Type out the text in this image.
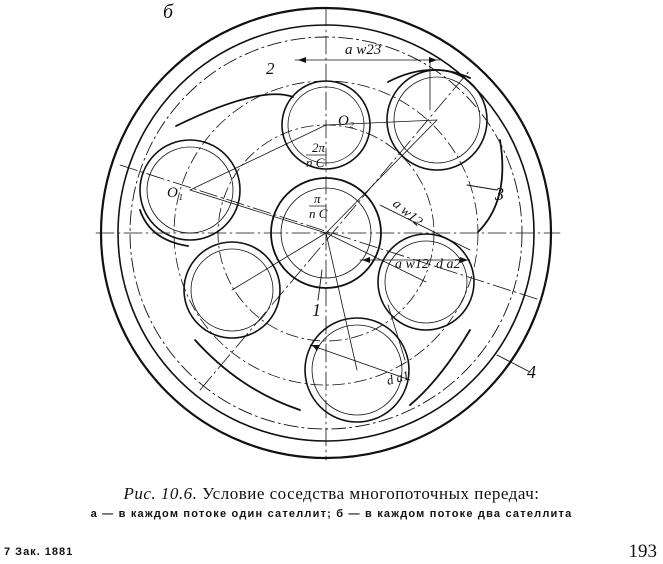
б
2
3
4
1
O₂
O₁
a w23
a w12
a w12 d a2
d a1
2π
n C
π
n C
Рис. 10.6. Условие соседства многопоточных передач:
а — в каждом потоке один сателлит; б — в каждом потоке два сателлита
7 Зак. 1881	193
